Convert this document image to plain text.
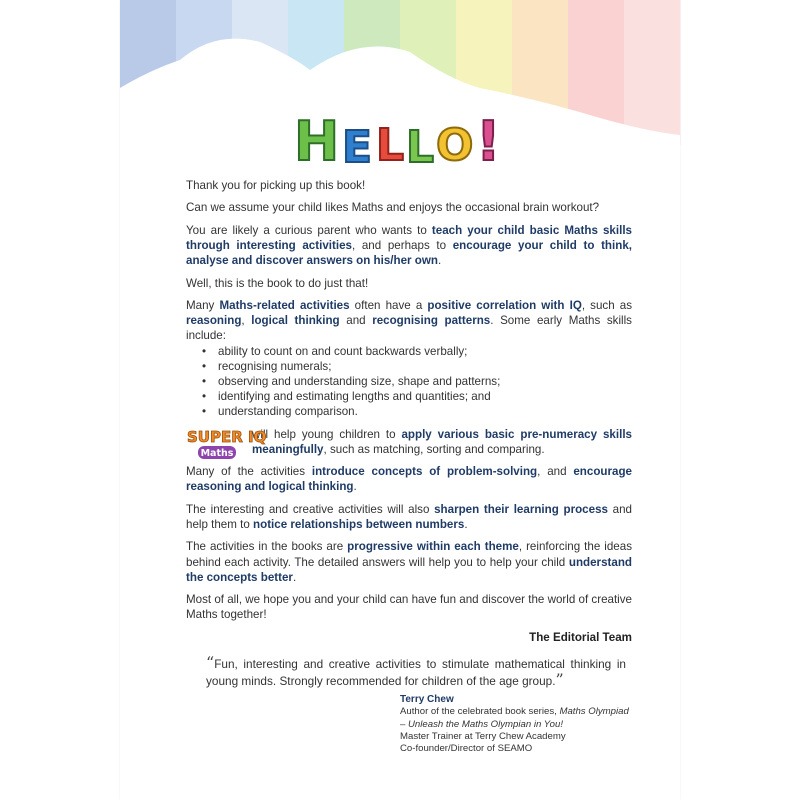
H E L L O !

Thank you for picking up this book!

Can we assume your child likes Maths and enjoys the occasional brain workout?

You are likely a curious parent who wants to teach your child basic Maths skills through interesting activities, and perhaps to encourage your child to think, analyse and discover answers on his/her own.

Well, this is the book to do just that!

Many Maths-related activities often have a positive correlation with IQ, such as reasoning, logical thinking and recognising patterns. Some early Maths skills include:

• ability to count on and count backwards verbally;
• recognising numerals;
• observing and understanding size, shape and patterns;
• identifying and estimating lengths and quantities; and
• understanding comparison.

SUPER IQ
Maths
will help young children to apply various basic pre-numeracy skills meaningfully, such as matching, sorting and comparing.

Many of the activities introduce concepts of problem-solving, and encourage reasoning and logical thinking.

The interesting and creative activities will also sharpen their learning process and help them to notice relationships between numbers.

The activities in the books are progressive within each theme, reinforcing the ideas behind each activity. The detailed answers will help you to help your child understand the concepts better.

Most of all, we hope you and your child can have fun and discover the world of creative Maths together!

The Editorial Team

“Fun, interesting and creative activities to stimulate mathematical thinking in young minds. Strongly recommended for children of the age group.”
Terry Chew
Author of the celebrated book series, Maths Olympiad – Unleash the Maths Olympian in You!
Master Trainer at Terry Chew Academy
Co-founder/Director of SEAMO
